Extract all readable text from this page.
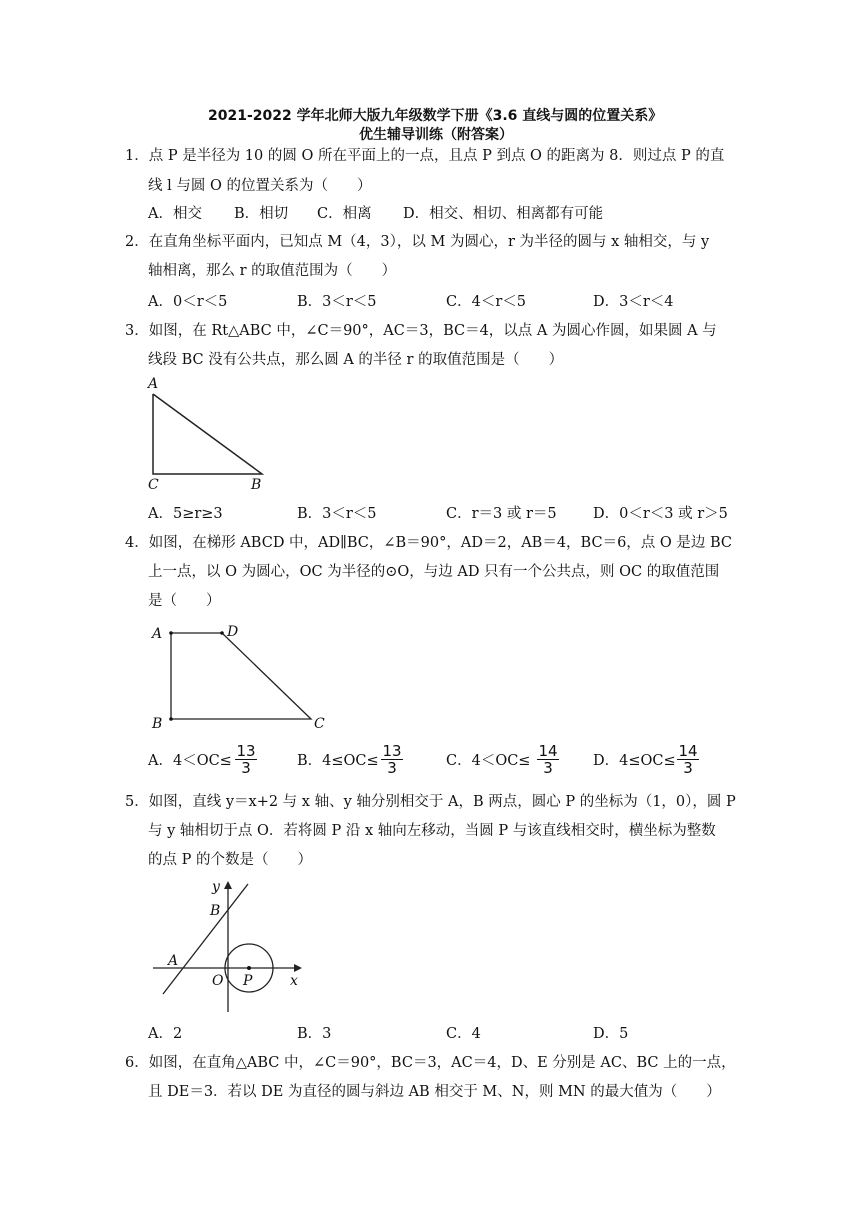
2021-2022 学年北师大版九年级数学下册《3.6 直线与圆的位置关系》
优生辅导训练（附答案）
1．点 P 是半径为 10 的圆 O 所在平面上的一点，且点 P 到点 O 的距离为 8．则过点 P 的直
线 l 与圆 O 的位置关系为（　　）
A．相交 B．相切 C．相离 D．相交、相切、相离都有可能
2．在直角坐标平面内，已知点 M（4，3），以 M 为圆心，r 为半径的圆与 x 轴相交，与 y
轴相离，那么 r 的取值范围为（　　）
A．0＜r＜5	B．3＜r＜5	C．4＜r＜5	D．3＜r＜4
3．如图，在 Rt△ABC 中，∠C＝90°，AC＝3，BC＝4，以点 A 为圆心作圆，如果圆 A 与
线段 BC 没有公共点，那么圆 A 的半径 r 的取值范围是（　　）
A
C	B
A．5≥r≥3	B．3＜r＜5	C．r＝3 或 r＝5	D．0＜r＜3 或 r＞5
4．如图，在梯形 ABCD 中，AD∥BC，∠B＝90°，AD＝2，AB＝4，BC＝6，点 O 是边 BC
上一点，以 O 为圆心，OC 为半径的⊙O，与边 AD 只有一个公共点，则 OC 的取值范围
是（　　）
A	D
B	C
A．$4<OC\le \frac{13}{3}$	B．$4\le OC\le \frac{13}{3}$	C．$4<OC\le \frac{14}{3}$ D．$4\le OC\le \frac{14}{3}$
5．如图，直线 y＝x+2 与 x 轴、y 轴分别相交于 A，B 两点，圆心 P 的坐标为（1，0），圆 P
与 y 轴相切于点 O．若将圆 P 沿 x 轴向左移动，当圆 P 与该直线相交时，横坐标为整数
的点 P 的个数是（　　）
y
B
A
O P	x
A．2	B．3	C．4	D．5
6．如图，在直角△ABC 中，∠C＝90°，BC＝3，AC＝4，D、E 分别是 AC、BC 上的一点，
且 DE＝3．若以 DE 为直径的圆与斜边 AB 相交于 M、N，则 MN 的最大值为（　　）
